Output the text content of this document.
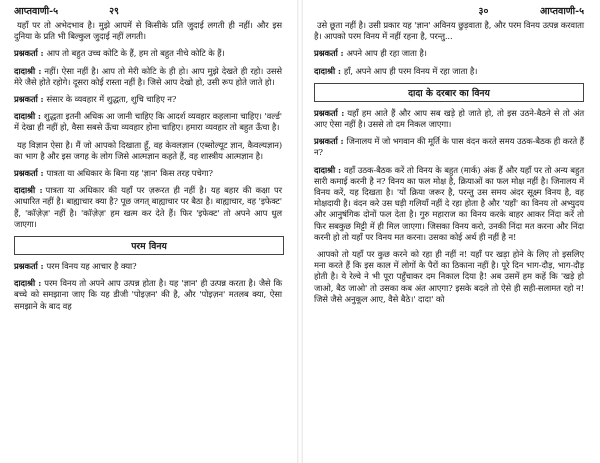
आप्तवाणी-५	२९

यहाँ पर तो अभेदभाव है। मुझे आपमें से किसीके प्रति जुदाई लगती ही नहीं। और इस दुनिया के प्रति भी बिल्कुल जुदाई नहीं लगती।

प्रश्नकर्ता : आप तो बहुत उच्च कोटि के हैं, हम तो बहुत नीचे कोटि के हैं।

दादाश्री : नहीं। ऐसा नहीं है। आप तो मेरी कोटि के ही हो। आप मुझे देखते ही रहो। उससे मेरे जैसे होते रहोगे। दूसरा कोई रास्ता नहीं है। जिसे आप देखो हो, उसी रूप होते जाते हो।

प्रश्नकर्ता : संसार के व्यवहार में शुद्धता, शुचि चाहिए न?

दादाश्री : शुद्धता इतनी अधिक आ जानी चाहिए कि आदर्श व्यवहार कहलाना चाहिए। 'वर्ल्ड' में देखा ही नहीं हो, वैसा सबसे ऊँचा व्यवहार होना चाहिए। हमारा व्यवहार तो बहुत ऊँचा है।

यह विज्ञान ऐसा है। मैं जो आपको दिखाता हूँ, वह केवलज्ञान (एब्सोल्यूट ज्ञान, कैवल्यज्ञान) का भाग है और इस जगह के लोग जिसे आत्मज्ञान कहते हैं, वह शास्त्रीय आत्मज्ञान है।

प्रश्नकर्ता : पात्रता या अधिकार के बिना यह 'ज्ञान' किस तरह पचेगा?

दादाश्री : पात्रता या अधिकार की यहाँ पर ज़रूरत ही नहीं है। यह बहार की कक्षा पर आधारित नहीं है। बाह्याचार क्या है? पूछ जगत् बाह्याचार पर बैठा है। बाह्याचार, वह 'इफेक्ट' हैं, 'कॉज़ेज़' नहीं है। 'कॉज़ेज़' हम खत्म कर देते हैं। फिर 'इफेक्ट' तो अपने आप धुल जाएगा।

परम विनय

प्रश्नकर्ता : परम विनय यह आचार है क्या?

दादाश्री : परम विनय तो अपने आप उत्पन्न होता है। यह 'ज्ञान' ही उत्पन्न करता है। जैसे कि बच्चे को समझाना जाए कि यह डीजी 'पोइज़न' की है, और 'पोइज़न' मतलब क्या, ऐसा समझाने के बाद वह

३०	आप्तवाणी-५

उसे छूता नहीं है। उसी प्रकार यह 'ज्ञान' अविनय छुड़वाता है, और परम विनय उत्पन्न करवाता है। आपको परम विनय में नहीं रहना है, परन्तु...

प्रश्नकर्ता : अपने आप ही रहा जाता है।

दादाश्री : हाँ, अपने आप ही परम विनय में रहा जाता है।

दादा के दरबार का विनय

प्रश्नकर्ता : यहाँ हम आते हैं और आप सब खड़े हो जाते हो, तो इस उठने-बैठने से तो अंत आए ऐसा नहीं है। उससे तो दम निकल जाएगा।

प्रश्नकर्ता : जिनालय में जो भगवान की मूर्ति के पास वंदन करते समय उठक-बैठक ही करते हैं न?

दादाश्री : वहाँ उठक-बैठक करें तो विनय के बहुत (मार्क) अंक हैं और यहाँ पर तो अन्य बहुत सारी कमाई करनी है न? विनय का फल मोक्ष है, क्रियाओं का फल मोक्ष नहीं है। जिनालय में विनय करें, यह दिखता है। 'यों क्रिया जरूर है, परन्तु उस समय अंदर सूक्ष्म विनय है, वह मोक्षदायी है। वंदन करे उस घड़ी गलियाँ नहीं दे रहा होता है और 'यहाँ' का विनय तो अभ्युदय और आनुषंगिक दोनों फल देता है। गुरु महाराज का विनय करके बाहर आकर निंदा करें तो फिर सबकुछ मिट्टी में ही मिल जाएगा। जिसका विनय करो, उनकी निंदा मत करना और निंदा करनी हो तो यहाँ पर विनय मत करना। उसका कोई अर्थ ही नहीं है न!

आपको तो यहाँ पर कुछ करने को रहा ही नहीं न! यहाँ पर खड़ा होने के लिए तो इसलिए मना करते हैं कि इस काल में लोगों के पैरों का ठिकाना नहीं है। पूरे दिन भाग-दौड़, भाग-दौड़ होती है। ये रेल्वे ने भी पूरा पहुँचाकर दम निकाल दिया है! अब उसमें हम कहें कि 'खड़े हो जाओ, बैठ जाओ' तो उसका कब अंत आएगा? इसके बदले तो ऐसे ही सही-सलामत रहो न! जिसे जैसे अनुकूल आए, वैसे बैठे।' दादा' को
